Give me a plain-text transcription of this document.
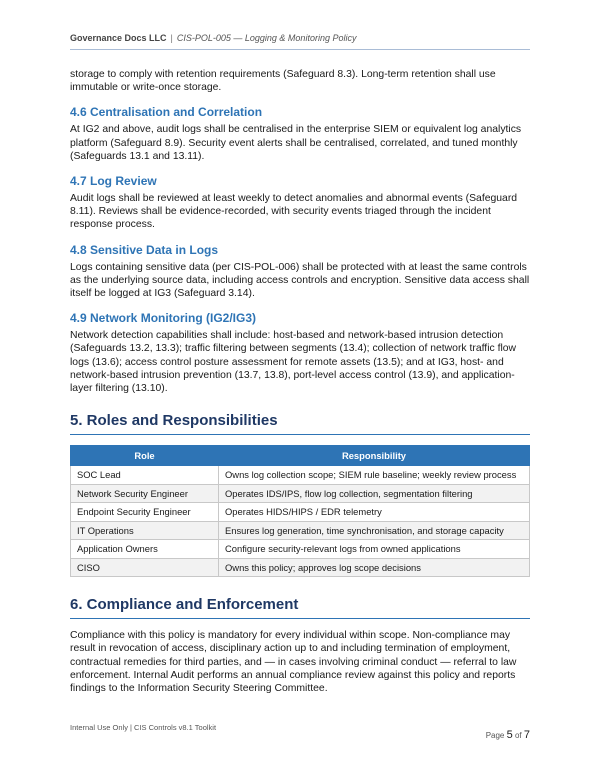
Governance Docs LLC | CIS-POL-005 — Logging & Monitoring Policy

storage to comply with retention requirements (Safeguard 8.3). Long-term retention shall use immutable or write-once storage.

4.6 Centralisation and Correlation

At IG2 and above, audit logs shall be centralised in the enterprise SIEM or equivalent log analytics platform (Safeguard 8.9). Security event alerts shall be centralised, correlated, and tuned monthly (Safeguards 13.1 and 13.11).

4.7 Log Review

Audit logs shall be reviewed at least weekly to detect anomalies and abnormal events (Safeguard 8.11). Reviews shall be evidence-recorded, with security events triaged through the incident response process.

4.8 Sensitive Data in Logs

Logs containing sensitive data (per CIS-POL-006) shall be protected with at least the same controls as the underlying source data, including access controls and encryption. Sensitive data access shall itself be logged at IG3 (Safeguard 3.14).

4.9 Network Monitoring (IG2/IG3)

Network detection capabilities shall include: host-based and network-based intrusion detection (Safeguards 13.2, 13.3); traffic filtering between segments (13.4); collection of network traffic flow logs (13.6); access control posture assessment for remote assets (13.5); and at IG3, host- and network-based intrusion prevention (13.7, 13.8), port-level access control (13.9), and application-layer filtering (13.10).

5. Roles and Responsibilities
Role	Responsibility
SOC Lead	Owns log collection scope; SIEM rule baseline; weekly review process
Network Security Engineer	Operates IDS/IPS, flow log collection, segmentation filtering
Endpoint Security Engineer	Operates HIDS/HIPS / EDR telemetry
IT Operations	Ensures log generation, time synchronisation, and storage capacity
Application Owners	Configure security-relevant logs from owned applications
CISO	Owns this policy; approves log scope decisions
6. Compliance and Enforcement

Compliance with this policy is mandatory for every individual within scope. Non-compliance may result in revocation of access, disciplinary action up to and including termination of employment, contractual remedies for third parties, and — in cases involving criminal conduct — referral to law enforcement. Internal Audit performs an annual compliance review against this policy and reports findings to the Information Security Steering Committee.

Internal Use Only | CIS Controls v8.1 Toolkit
Page 5 of 7
